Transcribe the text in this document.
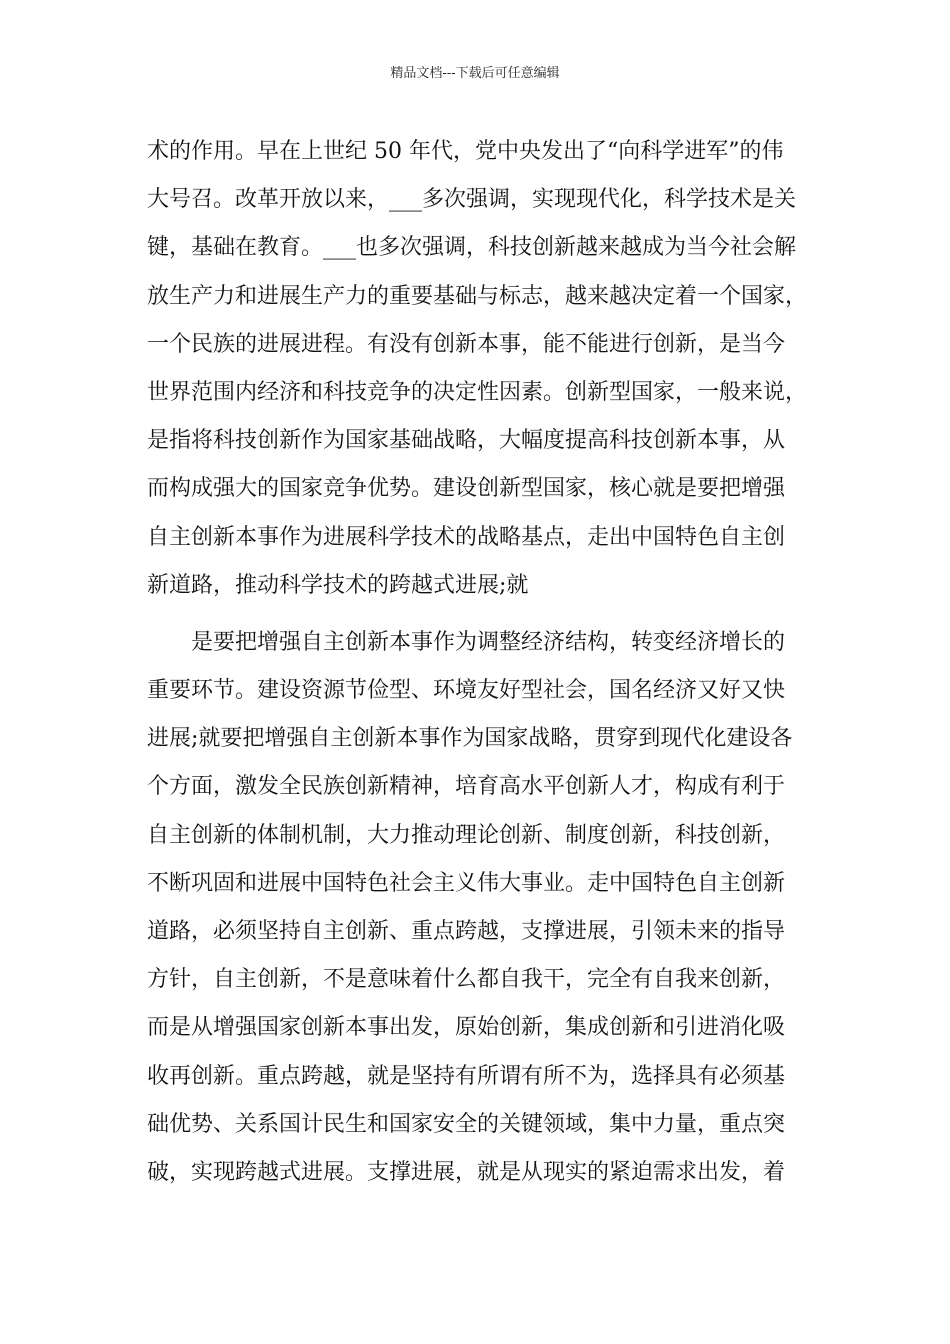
精品文档---下载后可任意编辑
术的作用。早在上世纪 50 年代，党中央发出了“向科学进军”的伟
大号召。改革开放以来，___多次强调，实现现代化，科学技术是关
键，基础在教育。___也多次强调，科技创新越来越成为当今社会解
放生产力和进展生产力的重要基础与标志，越来越决定着一个国家，
一个民族的进展进程。有没有创新本事，能不能进行创新，是当今
世界范围内经济和科技竞争的决定性因素。创新型国家，一般来说，
是指将科技创新作为国家基础战略，大幅度提高科技创新本事，从
而构成强大的国家竞争优势。建设创新型国家，核心就是要把增强
自主创新本事作为进展科学技术的战略基点，走出中国特色自主创
新道路，推动科学技术的跨越式进展;就
是要把增强自主创新本事作为调整经济结构，转变经济增长的
重要环节。建设资源节俭型、环境友好型社会，国名经济又好又快
进展;就要把增强自主创新本事作为国家战略，贯穿到现代化建设各
个方面，激发全民族创新精神，培育高水平创新人才，构成有利于
自主创新的体制机制，大力推动理论创新、制度创新，科技创新，
不断巩固和进展中国特色社会主义伟大事业。走中国特色自主创新
道路，必须坚持自主创新、重点跨越，支撑进展，引领未来的指导
方针，自主创新，不是意味着什么都自我干，完全有自我来创新，
而是从增强国家创新本事出发，原始创新，集成创新和引进消化吸
收再创新。重点跨越，就是坚持有所谓有所不为，选择具有必须基
础优势、关系国计民生和国家安全的关键领域，集中力量，重点突
破，实现跨越式进展。支撑进展，就是从现实的紧迫需求出发，着
